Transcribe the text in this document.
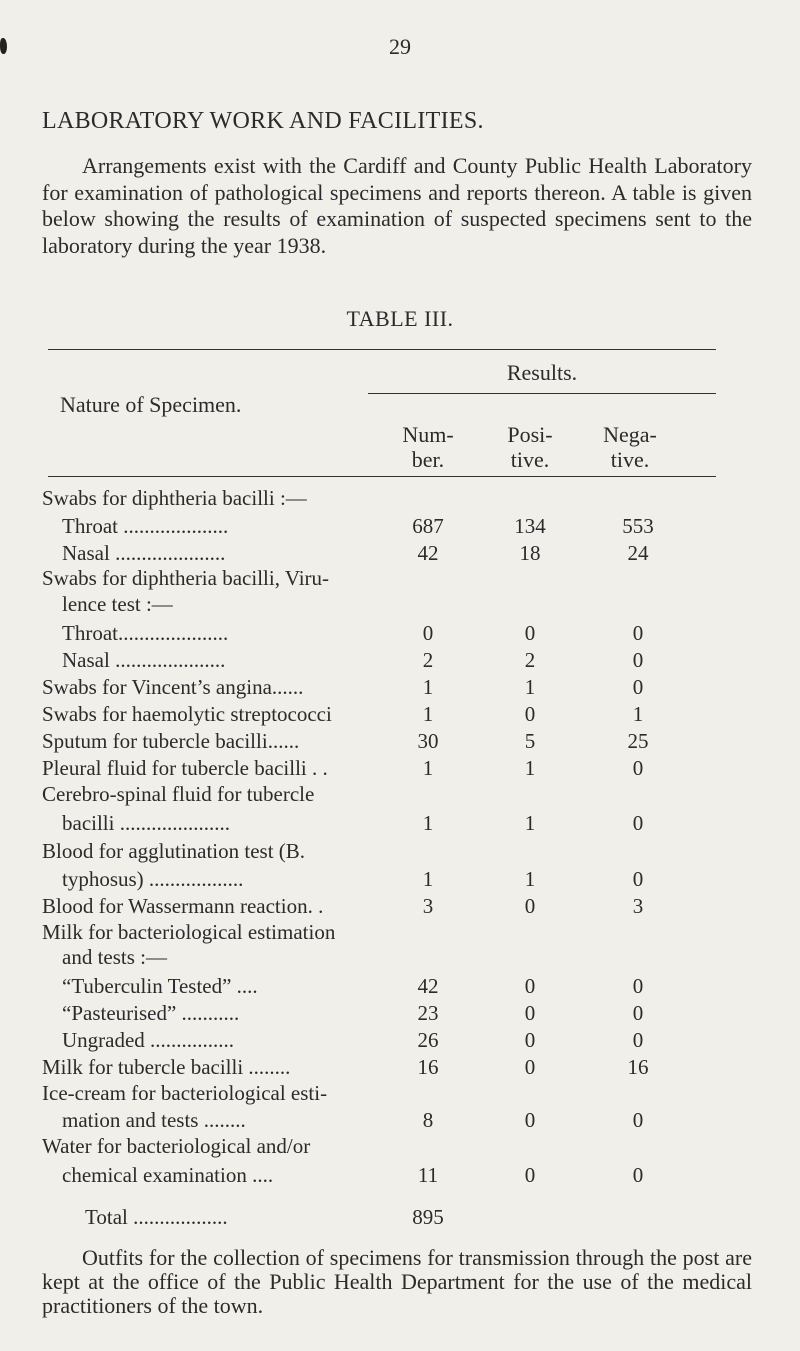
29
LABORATORY WORK AND FACILITIES.
Arrangements exist with the Cardiff and County Public Health Laboratory for examination of pathological specimens and reports thereon. A table is given below showing the results of examination of suspected specimens sent to the laboratory during the year 1938.
TABLE III.
Results.
Nature of Specimen.
Num-
ber.
Posi-
tive.
Nega-
tive.
Swabs for diphtheria bacilli :—
Throat ....................	687	134	553
Nasal .....................	42	18	24
Swabs for diphtheria bacilli, Viru-
lence test :—
Throat.....................	0	0	0
Nasal .....................	2	2	0
Swabs for Vincent’s angina......	1	1	0
Swabs for haemolytic streptococci	1	0	1
Sputum for tubercle bacilli......	30	5	25
Pleural fluid for tubercle bacilli . .	1	1	0
Cerebro-spinal fluid for tubercle
bacilli .....................	1	1	0
Blood for agglutination test (B.
typhosus) ..................	1	1	0
Blood for Wassermann reaction. .	3	0	3
Milk for bacteriological estimation
and tests :—
“Tuberculin Tested” ....	42	0	0
“Pasteurised” ...........	23	0	0
Ungraded ................	26	0	0
Milk for tubercle bacilli ........	16	0	16
Ice-cream for bacteriological esti-
mation and tests ........	8	0	0
Water for bacteriological and/or
chemical examination ....	11	0	0
Total ..................	895
Outfits for the collection of specimens for transmission through the post are kept at the office of the Public Health Department for the use of the medical practitioners of the town.
